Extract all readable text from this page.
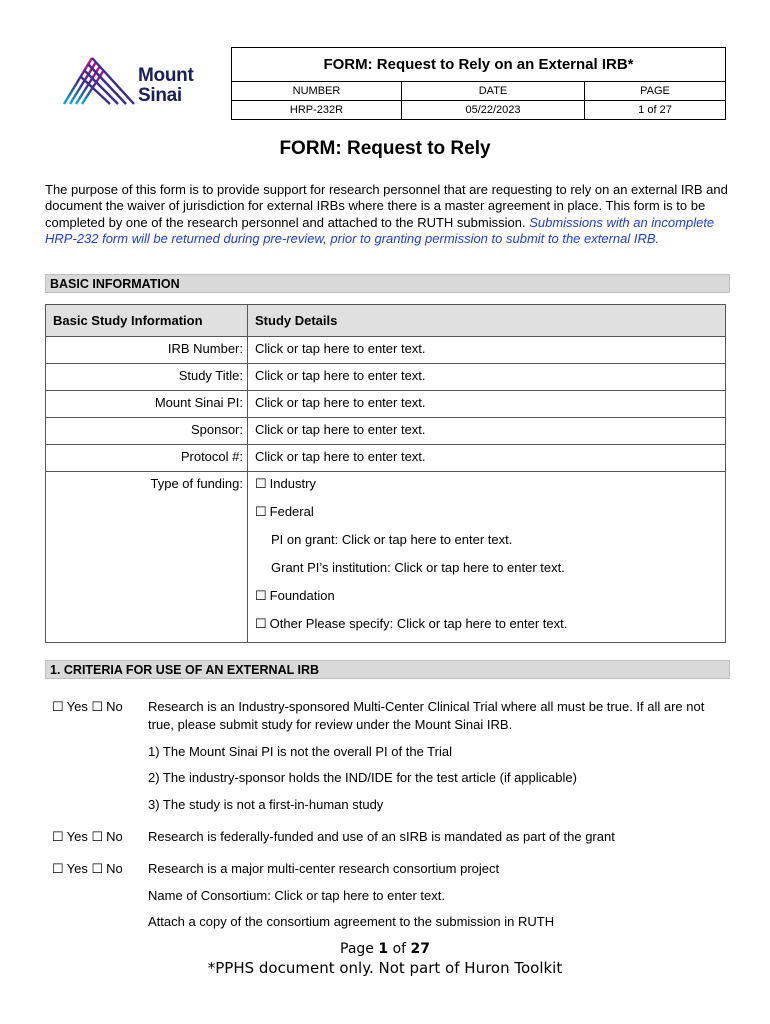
Mount
Sinai
FORM: Request to Rely on an External IRB*
NUMBER	DATE	PAGE
HRP-232R	05/22/2023	1 of 27
FORM: Request to Rely
The purpose of this form is to provide support for research personnel that are requesting to rely on an external IRB and document the waiver of jurisdiction for external IRBs where there is a master agreement in place. This form is to be completed by one of the research personnel and attached to the RUTH submission. Submissions with an incomplete HRP-232 form will be returned during pre-review, prior to granting permission to submit to the external IRB.
BASIC INFORMATION
Basic Study Information	Study Details
IRB Number: Click or tap here to enter text.
Study Title: Click or tap here to enter text.
Mount Sinai PI: Click or tap here to enter text.
Sponsor: Click or tap here to enter text.
Protocol #: Click or tap here to enter text.
Type of funding: ☐ Industry
☐ Federal
PI on grant: Click or tap here to enter text.
Grant PI’s institution: Click or tap here to enter text.
☐ Foundation
☐ Other Please specify: Click or tap here to enter text.
1. CRITERIA FOR USE OF AN EXTERNAL IRB
☐ Yes ☐ No Research is an Industry-sponsored Multi-Center Clinical Trial where all must be true. If all are not true, please submit study for review under the Mount Sinai IRB.
1) The Mount Sinai PI is not the overall PI of the Trial
2) The industry-sponsor holds the IND/IDE for the test article (if applicable)
3) The study is not a first-in-human study
☐ Yes ☐ No Research is federally-funded and use of an sIRB is mandated as part of the grant
☐ Yes ☐ No Research is a major multi-center research consortium project
Name of Consortium: Click or tap here to enter text.
Attach a copy of the consortium agreement to the submission in RUTH
Page 1 of 27
*PPHS document only. Not part of Huron Toolkit
